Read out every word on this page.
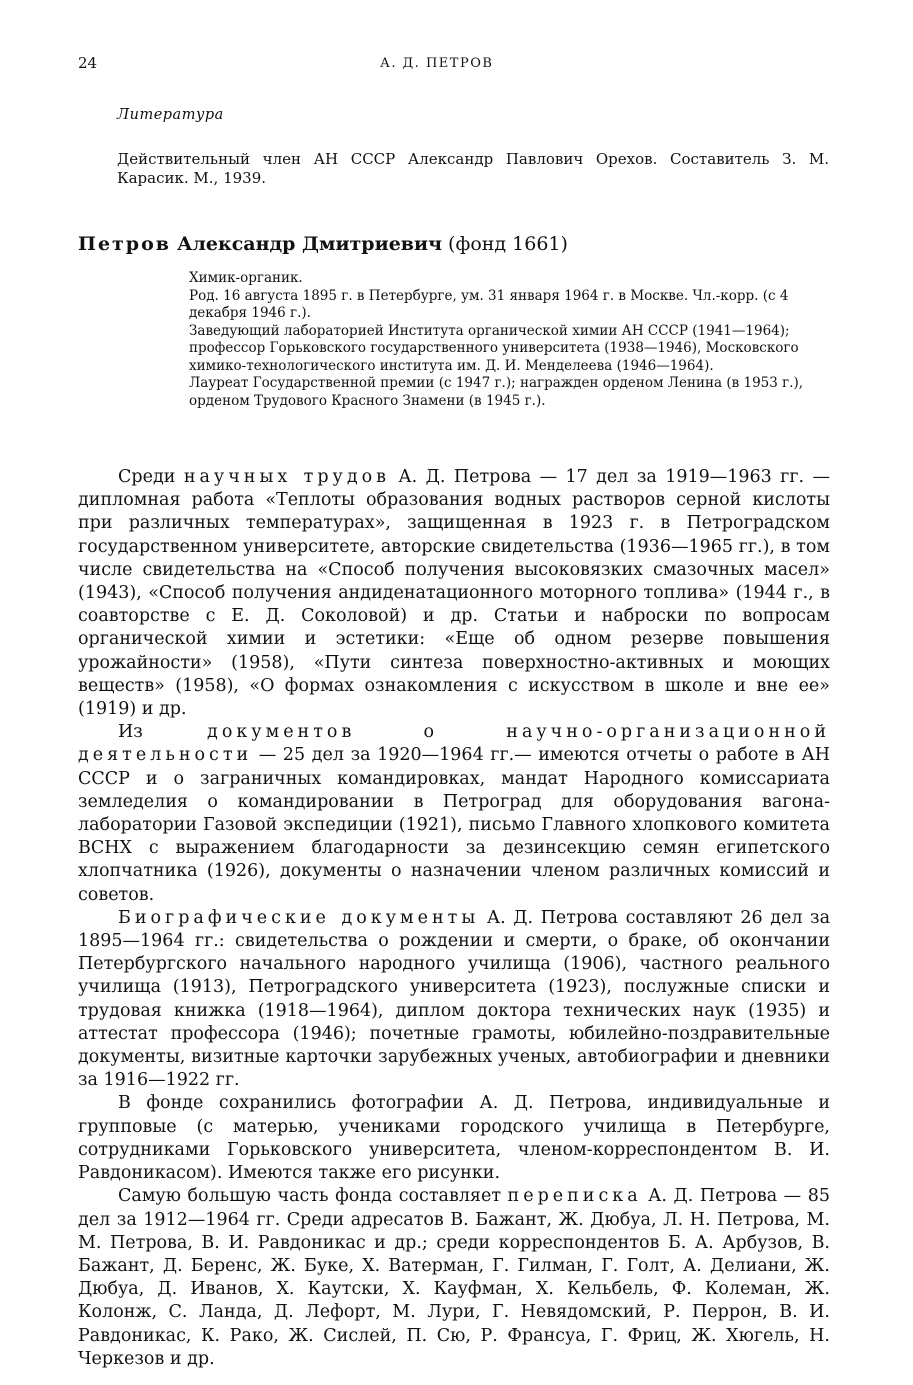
24	А. Д. ПЕТРОВ
Литература
Действительный член АН СССР Александр Павлович Орехов. Составитель З. М. Карасик. М., 1939.
Петров Александр Дмитриевич (фонд 1661)

Химик-органик.

Род. 16 августа 1895 г. в Петербурге, ум. 31 января 1964 г. в Москве. Чл.-корр. (с 4 декабря 1946 г.).

Заведующий лабораторией Института органической химии АН СССР (1941—1964); профессор Горьковского государственного университета (1938—1946), Московского химико-технологического института им. Д. И. Менделеева (1946—1964).

Лауреат Государственной премии (с 1947 г.); награжден орденом Ленина (в 1953 г.), орденом Трудового Красного Знамени (в 1945 г.).

Среди научных трудов А. Д. Петрова — 17 дел за 1919—1963 гг. — дипломная работа «Теплоты образования водных растворов серной кислоты при различных температурах», защищенная в 1923 г. в Петроградском государственном университете, авторские свидетельства (1936—1965 гг.), в том числе свидетельства на «Способ получения высоковязких смазочных масел» (1943), «Способ получения андиденатационного моторного топлива» (1944 г., в соавторстве с Е. Д. Соколовой) и др. Статьи и наброски по вопросам органической химии и эстетики: «Еще об одном резерве повышения урожайности» (1958), «Пути синтеза поверхностно-активных и моющих веществ» (1958), «О формах ознакомления с искусством в школе и вне ее» (1919) и др.

Из	документов о научно-организационной деятельности — 25 дел за 1920—1964 гг.— имеются отчеты о работе в АН СССР и о заграничных командировках, мандат Народного комиссариата земледелия о командировании в Петроград для оборудования вагона-лаборатории Газовой экспедиции (1921), письмо Главного хлопкового комитета ВСНХ с выражением благодарности за дезинсекцию семян египетского хлопчатника (1926), документы о назначении членом различных комиссий и советов.

Биографические документы А. Д. Петрова составляют 26 дел за 1895—1964 гг.: свидетельства о рождении и смерти, о браке, об окончании Петербургского начального народного училища (1906), частного реального училища (1913), Петроградского университета (1923), послужные списки и трудовая книжка (1918—1964), диплом доктора технических наук (1935) и аттестат профессора (1946); почетные грамоты, юбилейно-поздравительные документы, визитные карточки зарубежных ученых, автобиографии и дневники за 1916—1922 гг.

В фонде сохранились фотографии А. Д. Петрова, индивидуальные и групповые (с матерью, учениками городского училища в Петербурге, сотрудниками Горьковского университета, членом-корреспондентом В. И. Равдоникасом). Имеются также его рисунки.

Самую большую часть фонда составляет переписка А. Д. Петрова — 85 дел за 1912—1964 гг. Среди адресатов В. Бажант, Ж. Дюбуа, Л. Н. Петрова, М. М. Петрова, В. И. Равдоникас и др.; среди корреспондентов Б. А. Арбузов, В. Бажант, Д. Беренс, Ж. Буке, Х. Ватерман, Г. Гилман, Г. Голт, А. Делиани, Ж. Дюбуа, Д. Иванов, Х. Каутски, Х. Кауфман, Х. Кельбель, Ф. Колеман, Ж. Колонж, С. Ланда, Д. Лефорт, М. Лури, Г. Невядомский, Р. Перрон, В. И. Равдоникас, К. Рако, Ж. Сислей, П. Сю, Р. Франсуа, Г. Фриц, Ж. Хюгель, Н. Черкезов и др.
